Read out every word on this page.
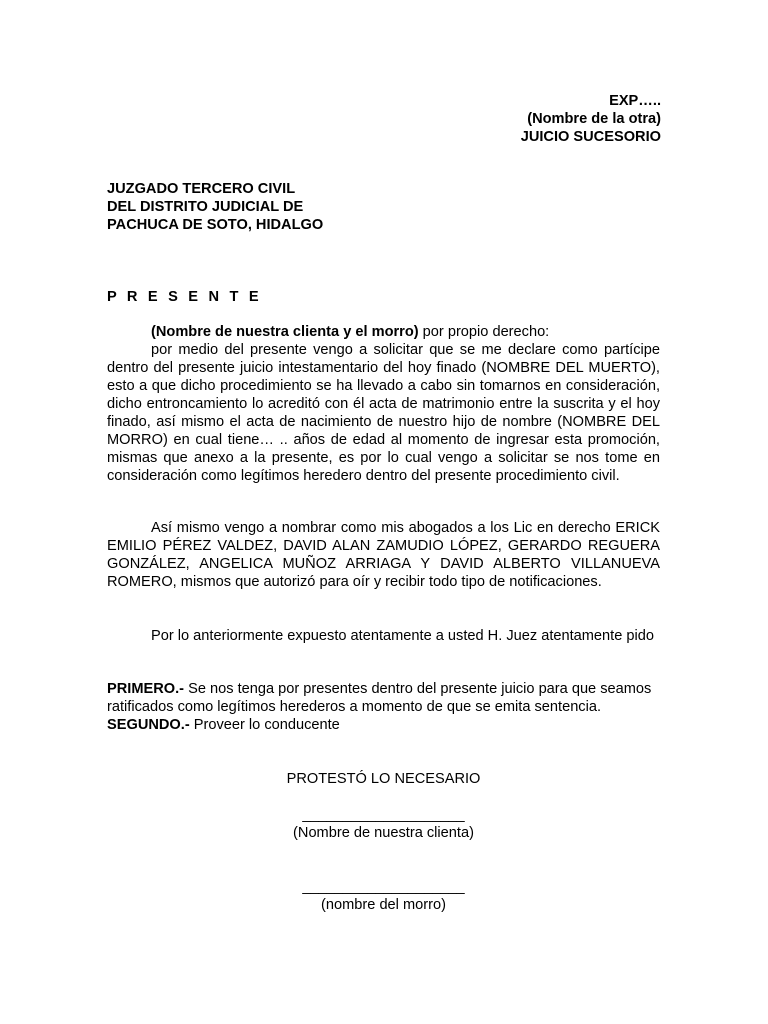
EXP…..
(Nombre de la otra)
JUICIO SUCESORIO
JUZGADO TERCERO CIVIL
DEL DISTRITO JUDICIAL DE
PACHUCA DE SOTO, HIDALGO
P R E S E N T E

(Nombre de nuestra clienta y el morro) por propio derecho:

por medio del presente vengo a solicitar que se me declare como partícipe dentro del presente juicio intestamentario del hoy finado (NOMBRE DEL MUERTO), esto a que dicho procedimiento se ha llevado a cabo sin tomarnos en consideración, dicho entroncamiento lo acreditó con él acta de matrimonio entre la suscrita y el hoy finado, así mismo el acta de nacimiento de nuestro hijo de nombre (NOMBRE DEL MORRO) en cual tiene… .. años de edad al momento de ingresar esta promoción, mismas que anexo a la presente, es por lo cual vengo a solicitar se nos tome en consideración como legítimos heredero dentro del presente procedimiento civil.

Así mismo vengo a nombrar como mis abogados a los Lic en derecho ERICK EMILIO PÉREZ VALDEZ, DAVID ALAN ZAMUDIO LÓPEZ, GERARDO REGUERA GONZÁLEZ, ANGELICA MUÑOZ ARRIAGA Y DAVID ALBERTO VILLANUEVA ROMERO, mismos que autorizó para oír y recibir todo tipo de notificaciones.

Por lo anteriormente expuesto atentamente a usted H. Juez atentamente pido

PRIMERO.- Se nos tenga por presentes dentro del presente juicio para que seamos ratificados como legítimos herederos a momento de que se emita sentencia.

SEGUNDO.- Proveer lo conducente

PROTESTÓ LO NECESARIO
____________________
(Nombre de nuestra clienta)
____________________
(nombre del morro)
